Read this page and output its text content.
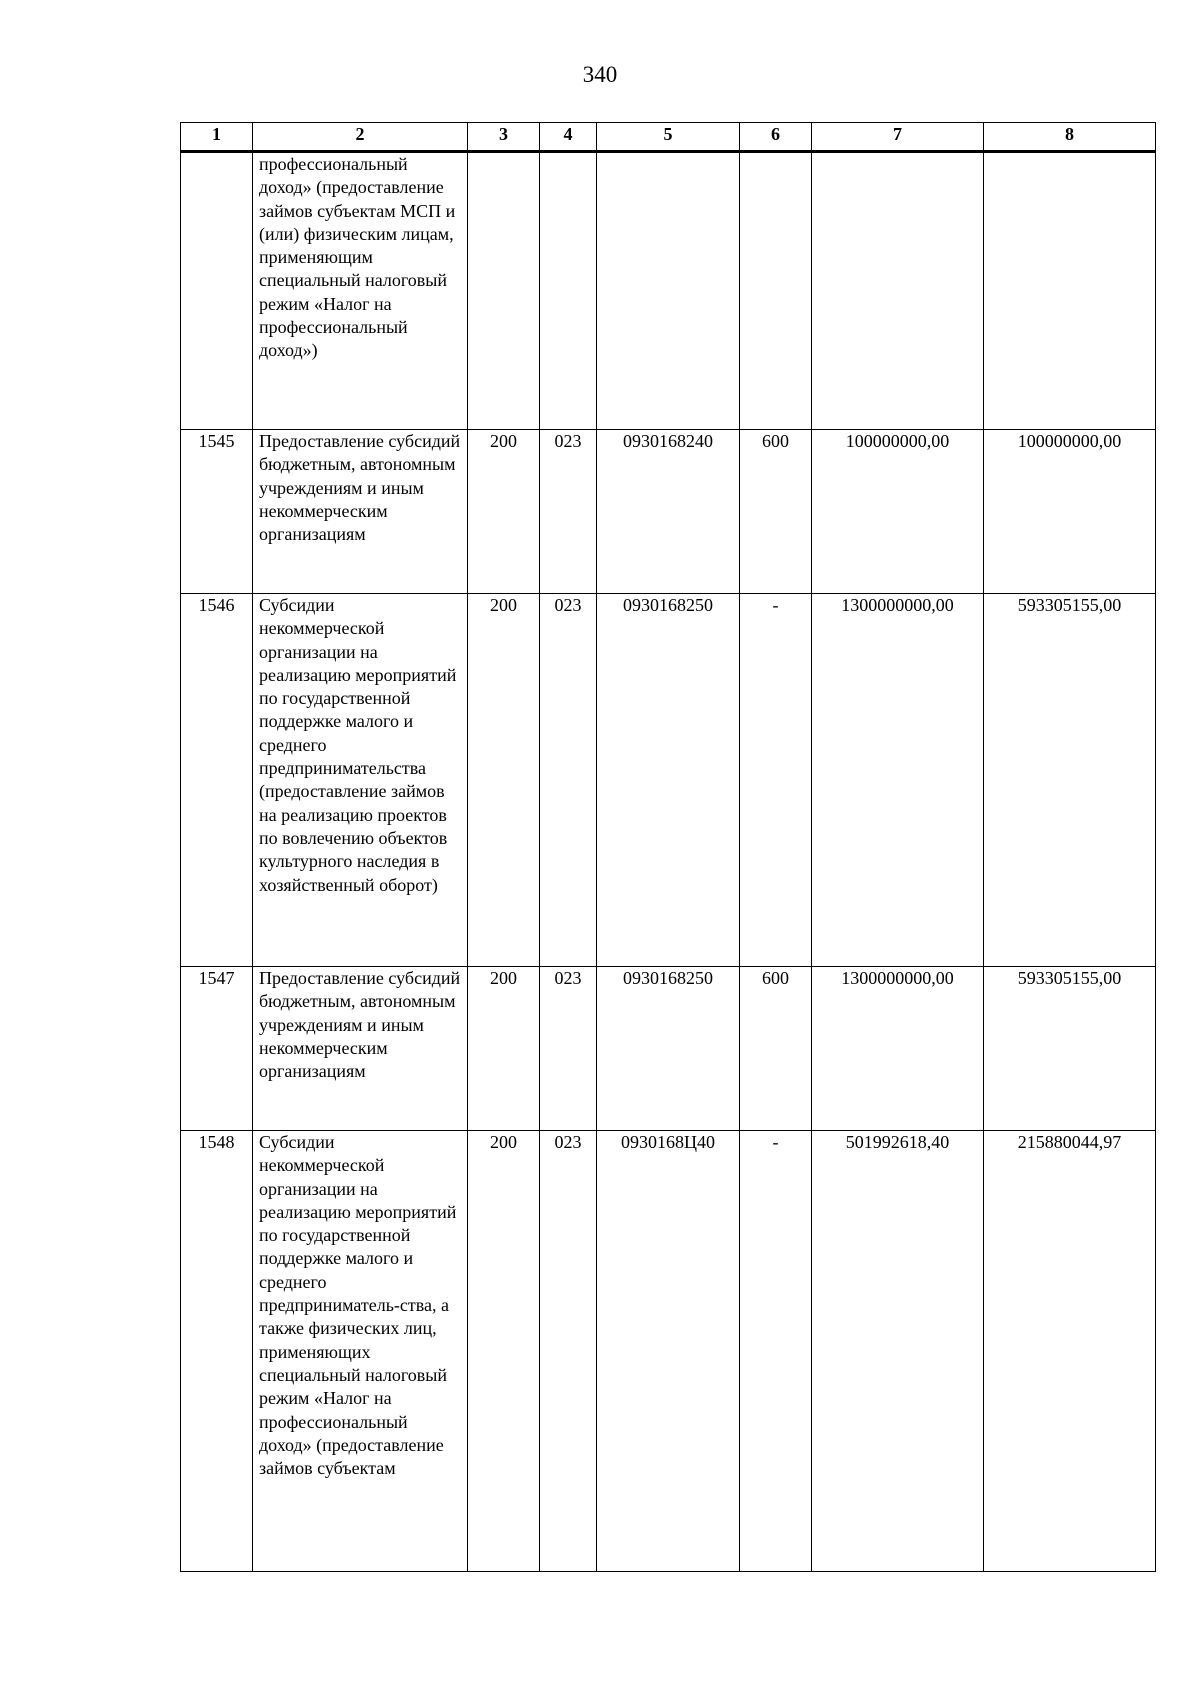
340
1	2	3	4	5	6	7	8
	профессиональный доход» (предоставление займов субъектам МСП и (или) физическим лицам, применяющим специальный налоговый режим «Налог на профессиональный доход»)						
1545	Предоставление субсидий бюджетным, автономным учреждениям и иным некоммерческим организациям	200	023	0930168240	600	100000000,00	100000000,00
1546	Субсидии некоммерческой организации на реализацию мероприятий по государственной поддержке малого и среднего предпринимательства (предоставление займов на реализацию проектов по вовлечению объектов культурного наследия в хозяйственный оборот)	200	023	0930168250	-	1300000000,00	593305155,00
1547	Предоставление субсидий бюджетным, автономным учреждениям и иным некоммерческим организациям	200	023	0930168250	600	1300000000,00	593305155,00
1548	Субсидии некоммерческой организации на реализацию мероприятий по государственной поддержке малого и среднего предприниматель-ства, а также физических лиц, применяющих специальный налоговый режим «Налог на профессиональный доход» (предоставление займов субъектам	200	023	0930168Ц40	-	501992618,40	215880044,97
